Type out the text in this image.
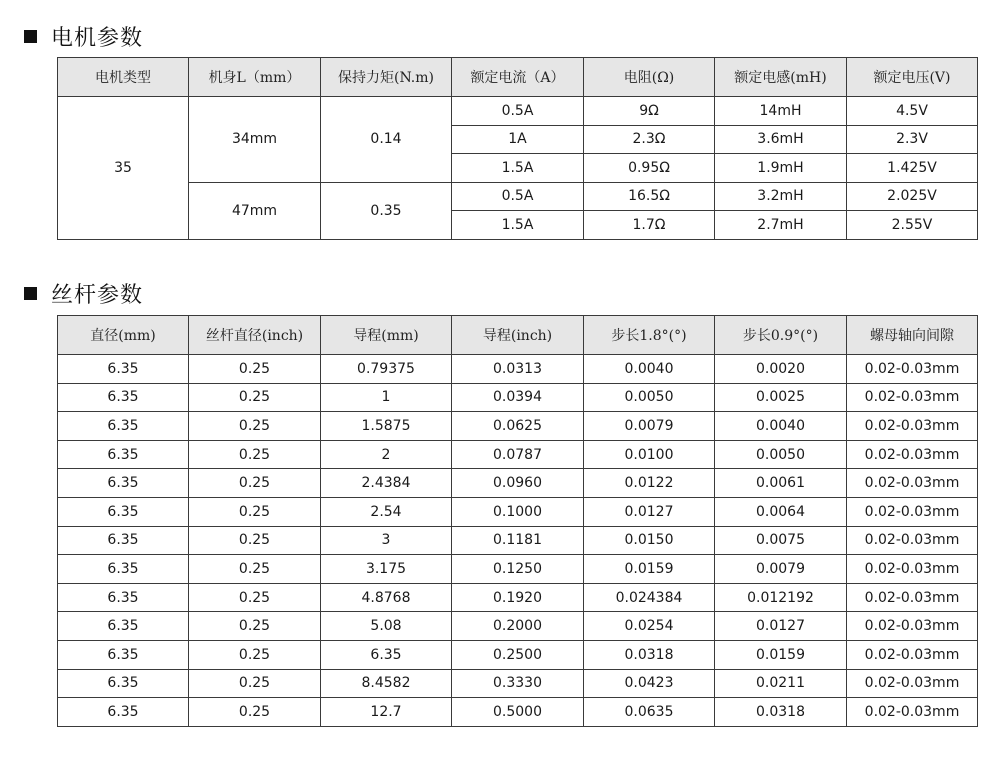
电机参数
电机类型	机身L（mm）	保持力矩(N.m)	额定电流（A）	电阻(Ω)	额定电感(mH)	额定电压(V)
35	34mm	0.14	0.5A	9Ω	14mH	4.5V
			1A	2.3Ω	3.6mH	2.3V
			1.5A	0.95Ω	1.9mH	1.425V
	47mm	0.35	0.5A	16.5Ω	3.2mH	2.025V
			1.5A	1.7Ω	2.7mH	2.55V
丝杆参数
直径(mm)	丝杆直径(inch)	导程(mm)	导程(inch)	步长1.8°(°)	步长0.9°(°)	螺母轴向间隙
6.35	0.25	0.79375	0.0313	0.0040	0.0020	0.02-0.03mm
6.35	0.25	1	0.0394	0.0050	0.0025	0.02-0.03mm
6.35	0.25	1.5875	0.0625	0.0079	0.0040	0.02-0.03mm
6.35	0.25	2	0.0787	0.0100	0.0050	0.02-0.03mm
6.35	0.25	2.4384	0.0960	0.0122	0.0061	0.02-0.03mm
6.35	0.25	2.54	0.1000	0.0127	0.0064	0.02-0.03mm
6.35	0.25	3	0.1181	0.0150	0.0075	0.02-0.03mm
6.35	0.25	3.175	0.1250	0.0159	0.0079	0.02-0.03mm
6.35	0.25	4.8768	0.1920	0.024384	0.012192	0.02-0.03mm
6.35	0.25	5.08	0.2000	0.0254	0.0127	0.02-0.03mm
6.35	0.25	6.35	0.2500	0.0318	0.0159	0.02-0.03mm
6.35	0.25	8.4582	0.3330	0.0423	0.0211	0.02-0.03mm
6.35	0.25	12.7	0.5000	0.0635	0.0318	0.02-0.03mm
